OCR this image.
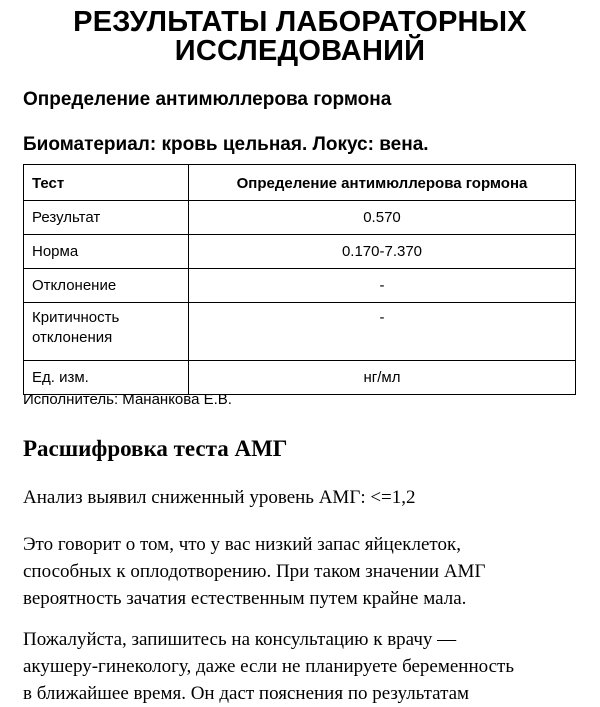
РЕЗУЛЬТАТЫ ЛАБОРАТОРНЫХ
ИССЛЕДОВАНИЙ
Определение антимюллерова гормона
Биоматериал: кровь цельная. Локус: вена.
Тест	Определение антимюллерова гормона
Результат	0.570
Норма	0.170-7.370
Отклонение	-

Критичность
отклонения	-
Ед. изм.	нг/мл
Исполнитель: Мананкова Е.В.
Расшифровка теста АМГ

Анализ выявил сниженный уровень АМГ: <=1,2

Это говорит о том, что у вас низкий запас яйцеклеток,
способных к оплодотворению. При таком значении АМГ
вероятность зачатия естественным путем крайне мала.

Пожалуйста, запишитесь на консультацию к врачу —
акушеру-гинекологу, даже если не планируете беременность
в ближайшее время. Он даст пояснения по результатам
